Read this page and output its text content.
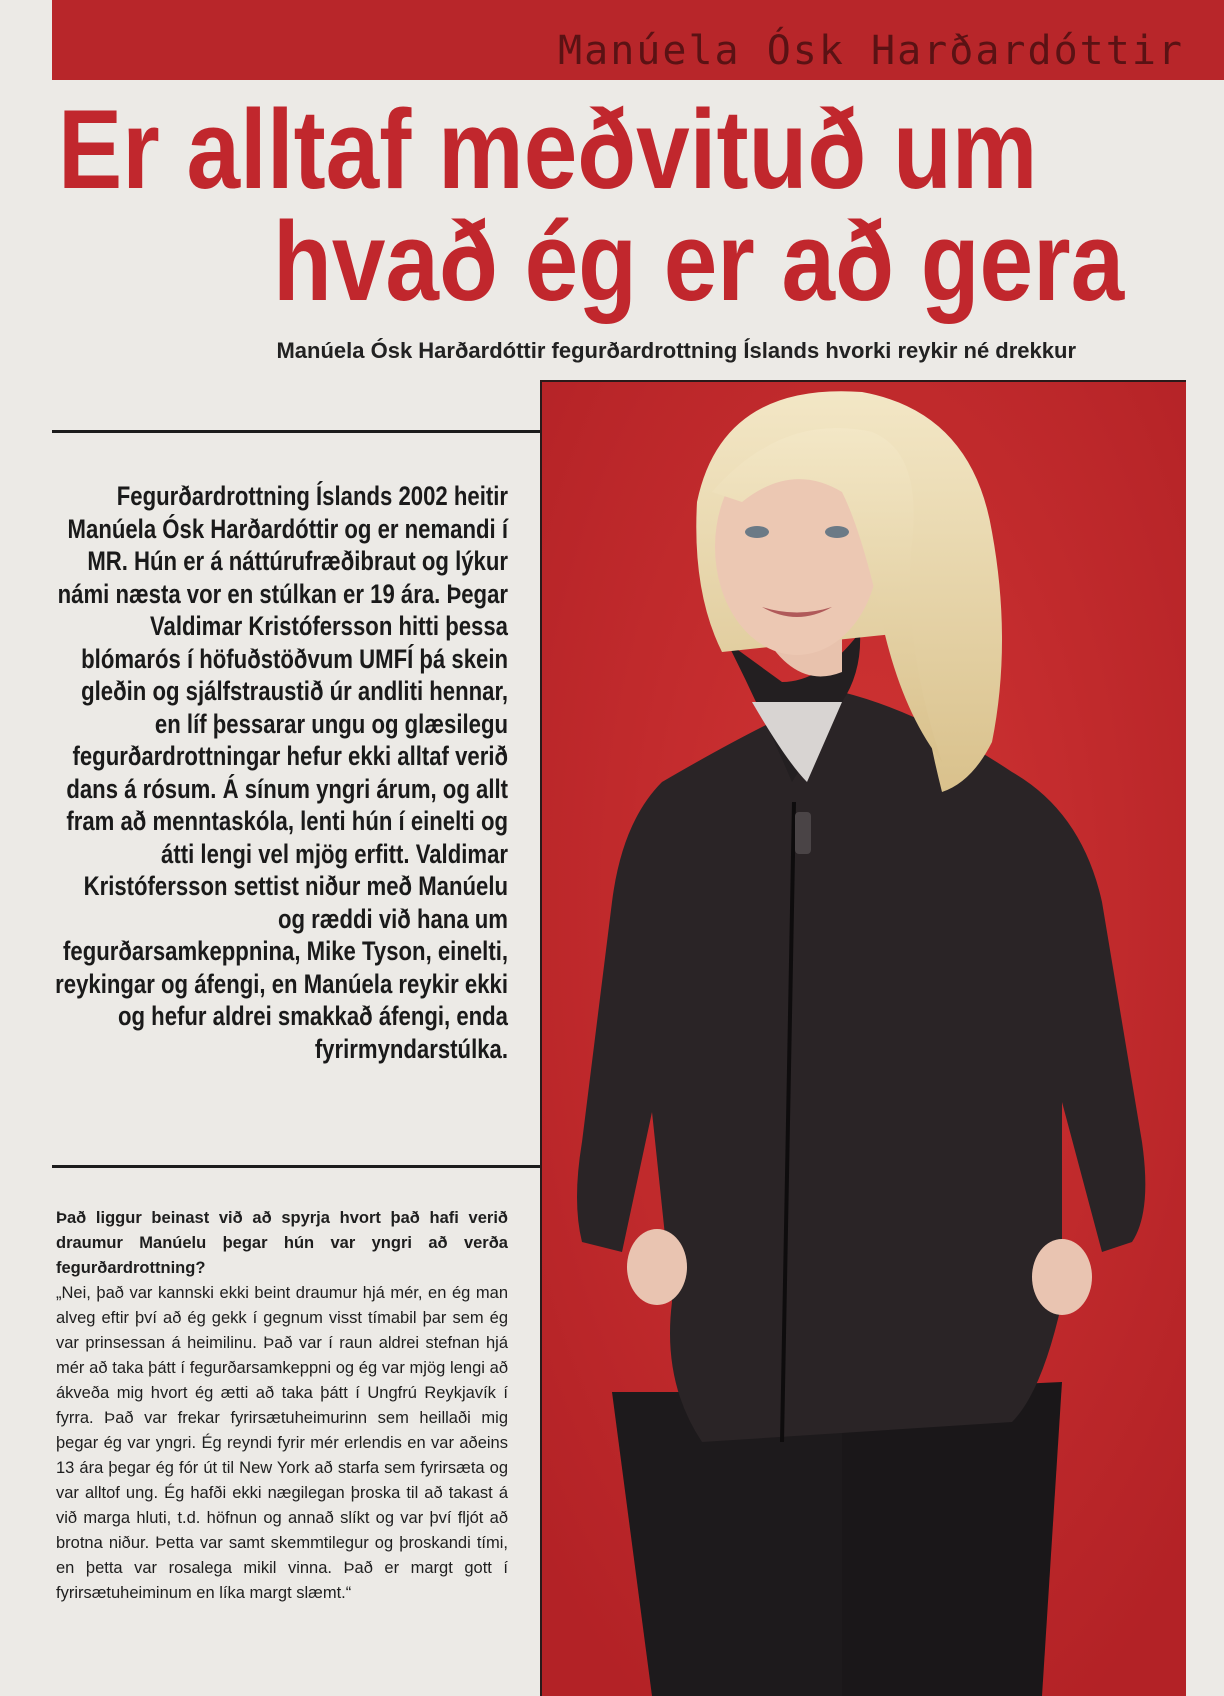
Manúela Ósk Harðardóttir
Er alltaf meðvituð um
hvað ég er að gera
Manúela Ósk Harðardóttir fegurðardrottning Íslands hvorki reykir né drekkur
Fegurðardrottning Íslands 2002 heitir Manúela Ósk Harðardóttir og er nemandi í MR. Hún er á náttúrufræðibraut og lýkur námi næsta vor en stúlkan er 19 ára. Þegar Valdimar Kristófersson hitti þessa blómarós í höfuðstöðvum UMFÍ þá skein gleðin og sjálfstraustið úr andliti hennar, en líf þessarar ungu og glæsilegu fegurðardrottningar hefur ekki alltaf verið dans á rósum. Á sínum yngri árum, og allt fram að menntaskóla, lenti hún í einelti og átti lengi vel mjög erfitt. Valdimar Kristófersson settist niður með Manúelu og ræddi við hana um fegurðarsamkeppnina, Mike Tyson, einelti, reykingar og áfengi, en Manúela reykir ekki og hefur aldrei smakkað áfengi, enda fyrirmyndarstúlka.

Það liggur beinast við að spyrja hvort það hafi verið draumur Manúelu þegar hún var yngri að verða fegurðardrottning?

„Nei, það var kannski ekki beint draumur hjá mér, en ég man alveg eftir því að ég gekk í gegnum visst tímabil þar sem ég var prinsessan á heimilinu. Það var í raun aldrei stefnan hjá mér að taka þátt í fegurðarsamkeppni og ég var mjög lengi að ákveða mig hvort ég ætti að taka þátt í Ungfrú Reykjavík í fyrra. Það var frekar fyrirsætuheimurinn sem heillaði mig þegar ég var yngri. Ég reyndi fyrir mér erlendis en var aðeins 13 ára þegar ég fór út til New York að starfa sem fyrirsæta og var alltof ung. Ég hafði ekki nægilegan þroska til að takast á við marga hluti, t.d. höfnun og annað slíkt og var því fljót að brotna niður. Þetta var samt skemmtilegur og þroskandi tími, en þetta var rosalega mikil vinna. Það er margt gott í fyrirsætuheiminum en líka margt slæmt.“
